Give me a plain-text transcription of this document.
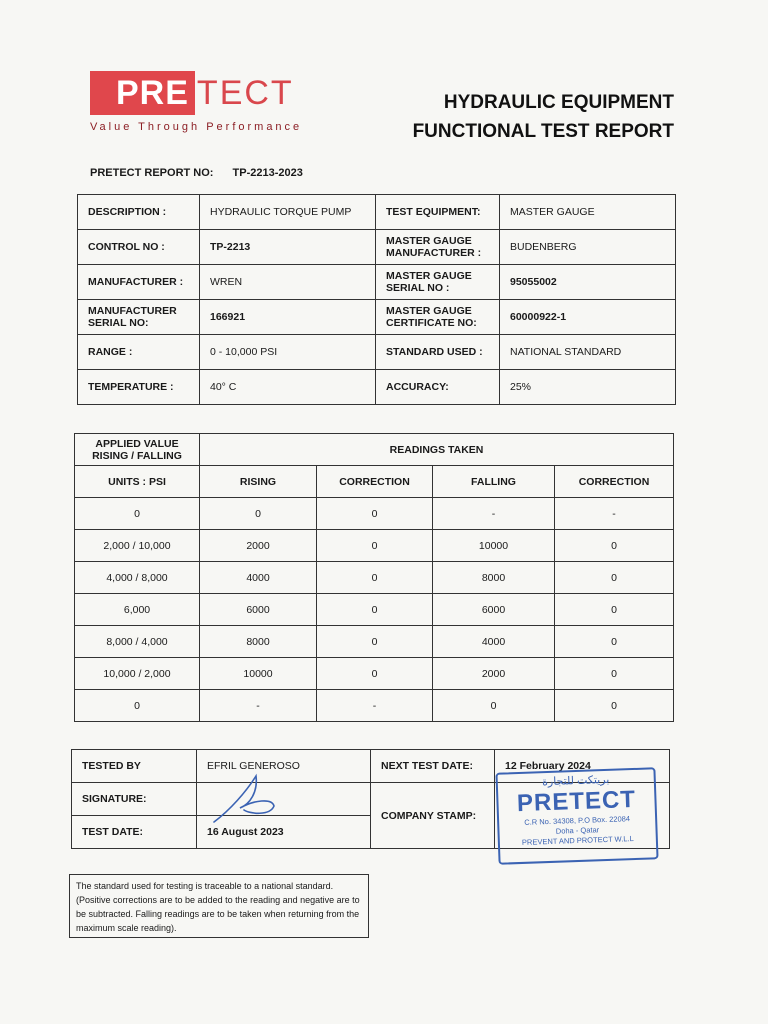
PRE TECT
Value Through Performance
HYDRAULIC EQUIPMENT
FUNCTIONAL TEST REPORT
PRETECT REPORT NO: TP-2213-2023
DESCRIPTION :	HYDRAULIC TORQUE PUMP	TEST EQUIPMENT:	MASTER GAUGE
CONTROL NO :	TP-2213	MASTER GAUGE MANUFACTURER :	BUDENBERG
MANUFACTURER :	WREN	MASTER GAUGE SERIAL NO :	95055002
MANUFACTURER SERIAL NO:	166921	MASTER GAUGE CERTIFICATE NO:	60000922-1
RANGE :	0 - 10,000 PSI	STANDARD USED :	NATIONAL STANDARD
TEMPERATURE :	40° C	ACCURACY:	25%
APPLIED VALUE RISING / FALLING	READINGS TAKEN			
UNITS : PSI	RISING	CORRECTION	FALLING	CORRECTION
0	0	0	-	-
2,000 / 10,000	2000	0	10000	0
4,000 / 8,000	4000	0	8000	0
6,000	6000	0	6000	0
8,000 / 4,000	8000	0	4000	0
10,000 / 2,000	10000	0	2000	0
0	-	-	0	0
TESTED BY	EFRIL GENEROSO	NEXT TEST DATE:	12 February 2024
SIGNATURE:		COMPANY STAMP:	
TEST DATE:	16 August 2023		
بريتكت للتجارة
PRETECT
C.R No. 34308, P.O Box. 22084
Doha - Qatar
PREVENT AND PROTECT W.L.L
The standard used for testing is traceable to a national standard. (Positive corrections are to be added to the reading and negative are to be subtracted. Falling readings are to be taken when returning from the maximum scale reading).
